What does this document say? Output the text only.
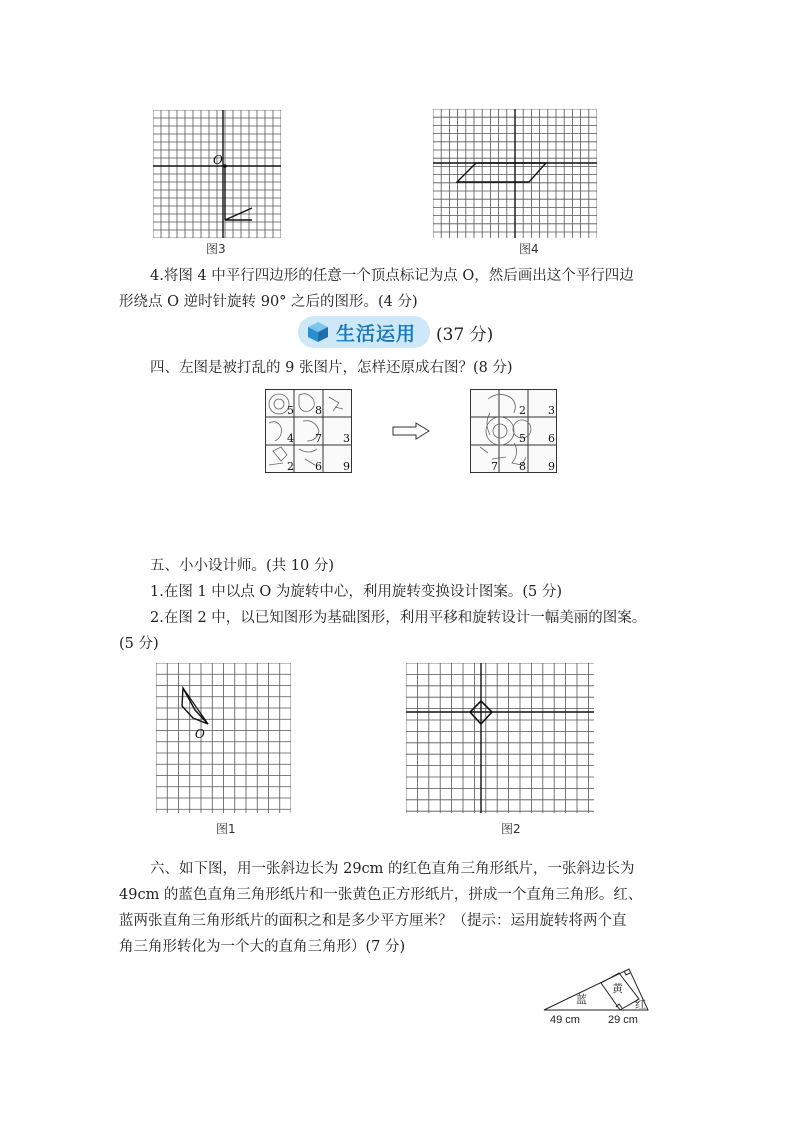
O
图3	图4
4.将图 4 中平行四边形的任意一个顶点标记为点 O，然后画出这个平行四边
形绕点 O 逆时针旋转 90° 之后的图形。(4 分)
生活运用 (37 分)
四、左图是被打乱的 9 张图片，怎样还原成右图？(8 分)
5 8
4 7 3
2 6 9
2 3
5 6
7 8 9
五、小小设计师。(共 10 分)
1.在图 1 中以点 O 为旋转中心，利用旋转变换设计图案。(5 分)
2.在图 2 中，以已知图形为基础图形，利用平移和旋转设计一幅美丽的图案。
(5 分)
O
图1	图2
六、如下图，用一张斜边长为 29cm 的红色直角三角形纸片，一张斜边长为
49cm 的蓝色直角三角形纸片和一张黄色正方形纸片，拼成一个直角三角形。红、
蓝两张直角三角形纸片的面积之和是多少平方厘米？（提示：运用旋转将两个直
角三角形转化为一个大的直角三角形）(7 分)
蓝
黄
红
49 cm	29 cm
